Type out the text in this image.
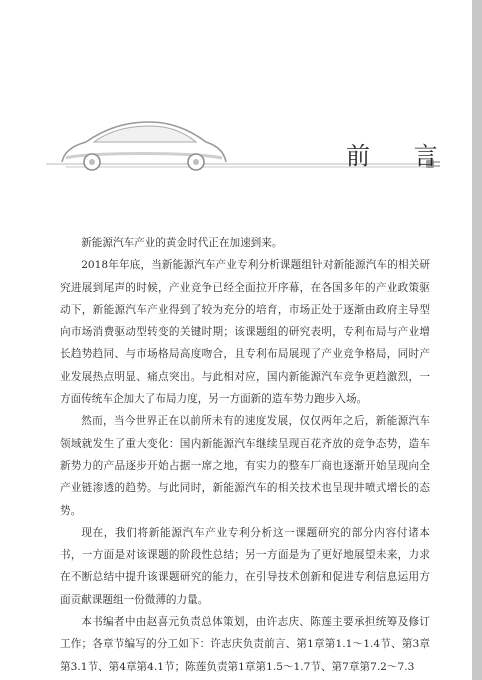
前 言

新能源汽车产业的黄金时代正在加速到来。

2018年年底，当新能源汽车产业专利分析课题组针对新能源汽车的相关研究进展到尾声的时候，产业竞争已经全面拉开序幕，在各国多年的产业政策驱动下，新能源汽车产业得到了较为充分的培育，市场正处于逐渐由政府主导型向市场消费驱动型转变的关键时期；该课题组的研究表明，专利布局与产业增长趋势趋同、与市场格局高度吻合，且专利布局展现了产业竞争格局，同时产业发展热点明显、痛点突出。与此相对应，国内新能源汽车竞争更趋激烈，一方面传统车企加大了布局力度，另一方面新的造车势力跑步入场。

然而，当今世界正在以前所未有的速度发展，仅仅两年之后，新能源汽车领域就发生了重大变化：国内新能源汽车继续呈现百花齐放的竞争态势，造车新势力的产品逐步开始占据一席之地，有实力的整车厂商也逐渐开始呈现向全产业链渗透的趋势。与此同时，新能源汽车的相关技术也呈现井喷式增长的态势。

现在，我们将新能源汽车产业专利分析这一课题研究的部分内容付诸本书，一方面是对该课题的阶段性总结；另一方面是为了更好地展望未来，力求在不断总结中提升该课题研究的能力，在引导技术创新和促进专利信息运用方面贡献课题组一份微薄的力量。

本书编者中由赵喜元负责总体策划，由许志庆、陈莲主要承担统筹及修订工作；各章节编写的分工如下：许志庆负责前言、第1章第1.1～1.4节、第3章第3.1节、第4章第4.1节；陈莲负责第1章第1.5～1.7节、第7章第7.2～7.3
